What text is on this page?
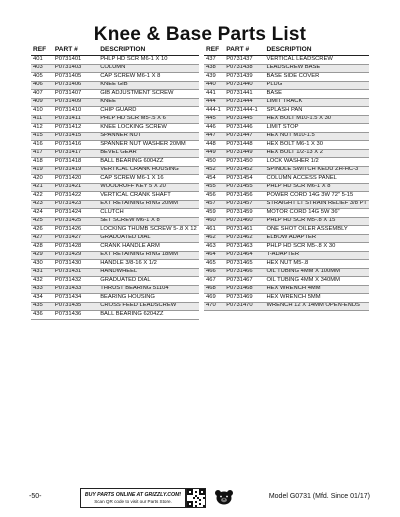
Knee & Base Parts List
REF	PART #	DESCRIPTION
401	P0731401	PHLP HD SCR M6-1 X 10
403	P0731403	COLUMN
405	P0731405	CAP SCREW M6-1 X 8
406	P0731406	KNEE GIB
407	P0731407	GIB ADJUSTMENT SCREW
409	P0731409	KNEE
410	P0731410	CHIP GUARD
411	P0731411	PHLP HD SCR M5-.5 X 6
412	P0731412	KNEE LOCKING SCREW
415	P0731415	SPANNER NUT
416	P0731416	SPANNER NUT WASHER 20MM
417	P0731417	BEVEL GEAR
418	P0731418	BALL BEARING 6004ZZ
419	P0731419	VERTICAL CRANK HOUSING
420	P0731420	CAP SCREW M6-1 X 16
421	P0731421	WOODRUFF KEY 5 X 20
422	P0731422	VERTICAL CRANK SHAFT
423	P0731423	EXT RETAINING RING 20MM
424	P0731424	CLUTCH
425	P0731425	SET SCREW M6-1 X 8
426	P0731426	LOCKING THUMB SCREW 5-.8 X 12
427	P0731427	GRADUATED DIAL
428	P0731428	CRANK HANDLE ARM
429	P0731429	EXT RETAINING RING 18MM
430	P0731430	HANDLE 3/8-16 X 1/2
431	P0731431	HANDWHEEL
432	P0731432	GRADUATED DIAL
433	P0731433	THRUST BEARING 51104
434	P0731434	BEARING HOUSING
435	P0731435	CROSS FEED LEADSCREW
436	P0731436	BALL BEARING 6204ZZ
REF	PART #	DESCRIPTION
437	P0731437	VERTICAL LEADSCREW
438	P0731438	LEADSCREW BASE
439	P0731439	BASE SIDE COVER
440	P0731440	PLUG
441	P0731441	BASE
444	P0731444	LIMIT TRACK
444-1	P0731444-1	SPLASH PAN
445	P0731445	HEX BOLT M10-1.5 X 30
446	P0731446	LIMIT STOP
447	P0731447	HEX NUT M10-1.5
448	P0731448	HEX BOLT M6-1 X 30
449	P0731449	HEX BOLT 1/2-13 X 2
450	P0731450	LOCK WASHER 1/2
452	P0731452	SPINDLE SWITCH KEDU ZH-HC-3
454	P0731454	COLUMN ACCESS PANEL
455	P0731455	PHLP HD SCR M6-1 X 8
456	P0731456	POWER CORD 14G 3W 72" 5-15
457	P0731457	STRAIGHT LT STRAIN RELIEF 3/8 PT
459	P0731459	MOTOR CORD 14G 5W 36"
460	P0731460	PHLP HD SCR M5-.8 X 15
461	P0731461	ONE SHOT OILER ASSEMBLY
462	P0731462	ELBOW ADAPTER
463	P0731463	PHLP HD SCR M5-.8 X 30
464	P0731464	T-ADAPTER
465	P0731465	HEX NUT M5-.8
466	P0731466	OIL TUBING 4MM X 100MM
467	P0731467	OIL TUBING 4MM X 340MM
468	P0731468	HEX WRENCH 4MM
469	P0731469	HEX WRENCH 5MM
470	P0731470	WRENCH 12 X 14MM OPEN-ENDS
-50-	BUY PARTS ONLINE AT GRIZZLY.COM!
Scan QR code to visit our Parts Store.
Model G0731 (Mfd. Since 01/17)
